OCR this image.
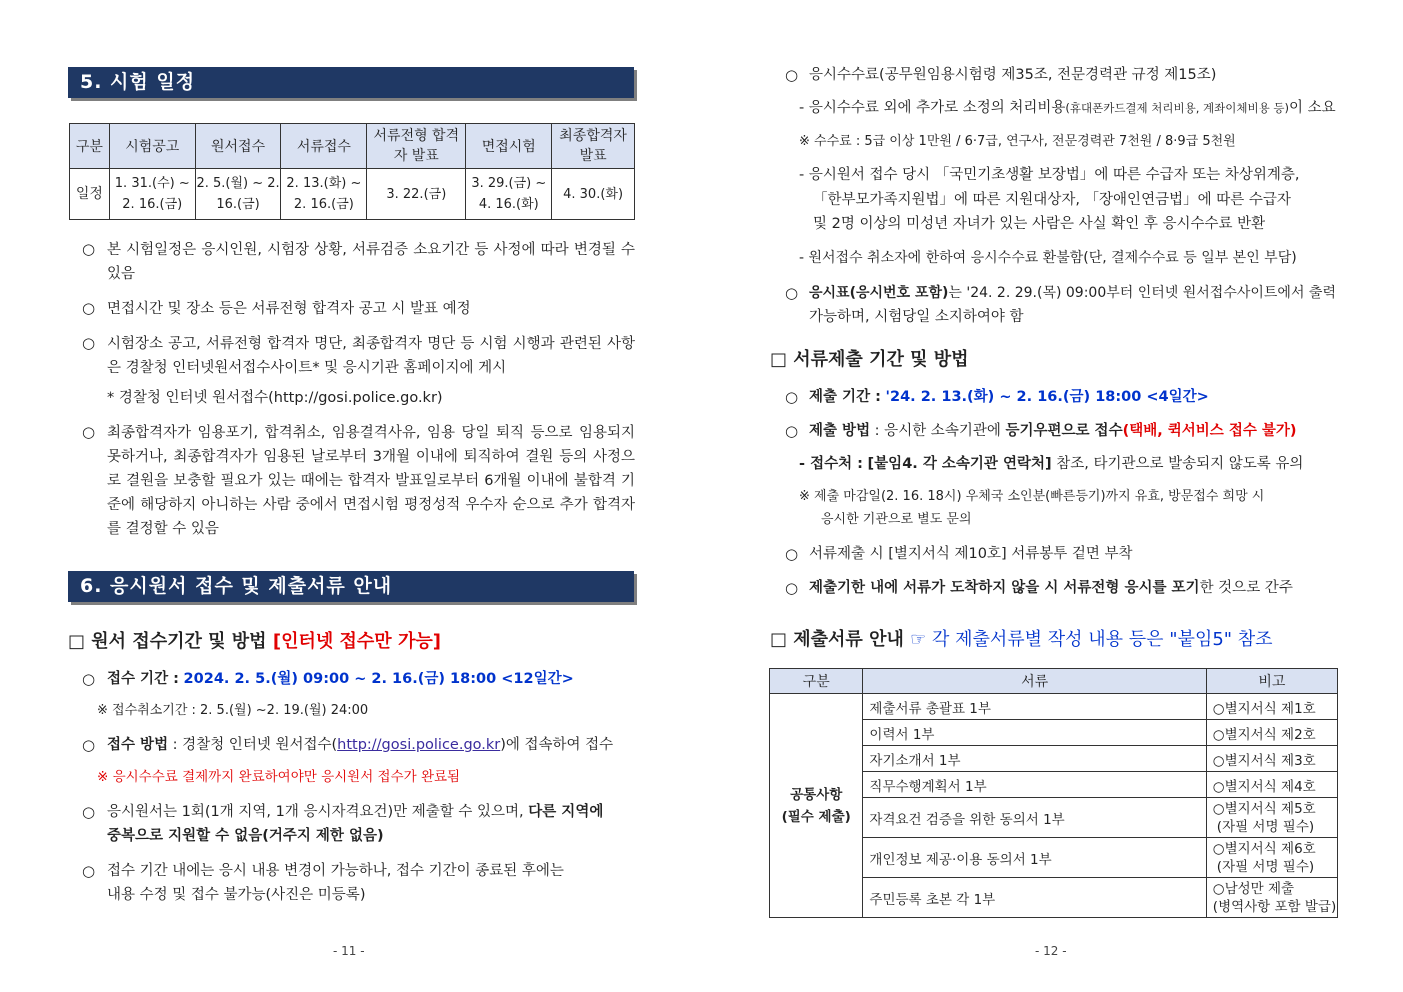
5. 시험 일정
구분	시험공고	원서접수	서류접수	서류전형 합격자 발표	면접시험	최종합격자 발표
일정	1. 31.(수) ~ 2. 16.(금)	2. 5.(월) ~ 2. 16.(금)	2. 13.(화) ~ 2. 16.(금)	3. 22.(금)	3. 29.(금) ~ 4. 16.(화)	4. 30.(화)
○ 본 시험일정은 응시인원, 시험장 상황, 서류검증 소요기간 등 사정에 따라 변경될 수 있음
○ 면접시간 및 장소 등은 서류전형 합격자 공고 시 발표 예정
○ 시험장소 공고, 서류전형 합격자 명단, 최종합격자 명단 등 시험 시행과 관련된 사항은 경찰청 인터넷원서접수사이트* 및 응시기관 홈페이지에 게시
* 경찰청 인터넷 원서접수(http://gosi.police.go.kr)
○ 최종합격자가 임용포기, 합격취소, 임용결격사유, 임용 당일 퇴직 등으로 임용되지 못하거나, 최종합격자가 임용된 날로부터 3개월 이내에 퇴직하여 결원 등의 사정으로 결원을 보충할 필요가 있는 때에는 합격자 발표일로부터 6개월 이내에 불합격 기준에 해당하지 아니하는 사람 중에서 면접시험 평정성적 우수자 순으로 추가 합격자를 결정할 수 있음
6. 응시원서 접수 및 제출서류 안내
□ 원서 접수기간 및 방법 [인터넷 접수만 가능]
○ 접수 기간 : 2024. 2. 5.(월) 09:00 ~ 2. 16.(금) 18:00 <12일간>
※ 접수취소기간 : 2. 5.(월) ~2. 19.(월) 24:00
○ 접수 방법 : 경찰청 인터넷 원서접수(http://gosi.police.go.kr)에 접속하여 접수
※ 응시수수료 결제까지 완료하여야만 응시원서 접수가 완료됨
○ 응시원서는 1회(1개 지역, 1개 응시자격요건)만 제출할 수 있으며, 다른 지역에
중복으로 지원할 수 없음(거주지 제한 없음)
○ 접수 기간 내에는 응시 내용 변경이 가능하나, 접수 기간이 종료된 후에는
내용 수정 및 접수 불가능(사진은 미등록)
- 11 -
○ 응시수수료(공무원임용시험령 제35조, 전문경력관 규정 제15조)
- 응시수수료 외에 추가로 소정의 처리비용(휴대폰카드결제 처리비용, 계좌이체비용 등)이 소요
※ 수수료 : 5급 이상 1만원 / 6·7급, 연구사, 전문경력관 7천원 / 8·9급 5천원
- 응시원서 접수 당시 「국민기초생활 보장법」에 따른 수급자 또는 차상위계층,
「한부모가족지원법」에 따른 지원대상자, 「장애인연금법」에 따른 수급자
및 2명 이상의 미성년 자녀가 있는 사람은 사실 확인 후 응시수수료 반환
- 원서접수 취소자에 한하여 응시수수료 환불함(단, 결제수수료 등 일부 본인 부담)
○ 응시표(응시번호 포함)는 '24. 2. 29.(목) 09:00부터 인터넷 원서접수사이트에서 출력
가능하며, 시험당일 소지하여야 함
□ 서류제출 기간 및 방법
○ 제출 기간 : '24. 2. 13.(화) ~ 2. 16.(금) 18:00 <4일간>
○ 제출 방법 : 응시한 소속기관에 등기우편으로 접수(택배, 퀵서비스 접수 불가)
- 접수처 : [붙임4. 각 소속기관 연락처] 참조, 타기관으로 발송되지 않도록 유의
※ 제출 마감일(2. 16. 18시) 우체국 소인분(빠른등기)까지 유효, 방문접수 희망 시
응시한 기관으로 별도 문의
○ 서류제출 시 [별지서식 제10호] 서류봉투 겉면 부착
○ 제출기한 내에 서류가 도착하지 않을 시 서류전형 응시를 포기한 것으로 간주
□ 제출서류 안내 ☞ 각 제출서류별 작성 내용 등은 "붙임5" 참조
구분	서류	비고

공통사항
(필수 제출)	제출서류 총괄표 1부	○별지서식 제1호
	이력서 1부	○별지서식 제2호
	자기소개서 1부	○별지서식 제3호
	직무수행계획서 1부	○별지서식 제4호
	자격요건 검증을 위한 동의서 1부	○별지서식 제5호
(자필 서명 필수)

	개인정보 제공·이용 동의서 1부	○별지서식 제6호
(자필 서명 필수)

	주민등록 초본 각 1부	○남성만 제출
(병역사항 포함 발급)
- 12 -
